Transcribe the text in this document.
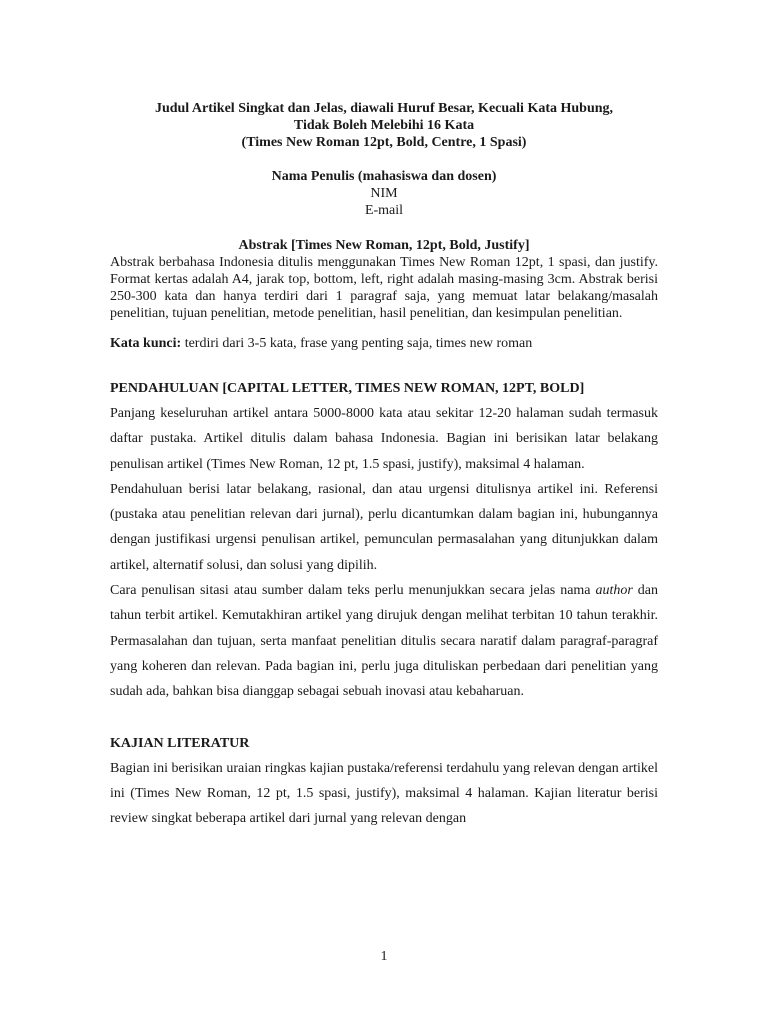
Judul Artikel Singkat dan Jelas, diawali Huruf Besar, Kecuali Kata Hubung,

Tidak Boleh Melebihi 16 Kata

(Times New Roman 12pt, Bold, Centre, 1 Spasi)

Nama Penulis (mahasiswa dan dosen)
NIM
E-mail
Abstrak [Times New Roman, 12pt, Bold, Justify]

Abstrak berbahasa Indonesia ditulis menggunakan Times New Roman 12pt, 1 spasi, dan justify. Format kertas adalah A4, jarak top, bottom, left, right adalah masing-masing 3cm. Abstrak berisi 250-300 kata dan hanya terdiri dari 1 paragraf saja, yang memuat latar belakang/masalah penelitian, tujuan penelitian, metode penelitian, hasil penelitian, dan kesimpulan penelitian.

Kata kunci: terdiri dari 3-5 kata, frase yang penting saja, times new roman
PENDAHULUAN [CAPITAL LETTER, TIMES NEW ROMAN, 12PT, BOLD]

Panjang keseluruhan artikel antara 5000-8000 kata atau sekitar 12-20 halaman sudah termasuk daftar pustaka. Artikel ditulis dalam bahasa Indonesia. Bagian ini berisikan latar belakang penulisan artikel (Times New Roman, 12 pt, 1.5 spasi, justify), maksimal 4 halaman.

Pendahuluan berisi latar belakang, rasional, dan atau urgensi ditulisnya artikel ini. Referensi (pustaka atau penelitian relevan dari jurnal), perlu dicantumkan dalam bagian ini, hubungannya dengan justifikasi urgensi penulisan artikel, pemunculan permasalahan yang ditunjukkan dalam artikel, alternatif solusi, dan solusi yang dipilih.

Cara penulisan sitasi atau sumber dalam teks perlu menunjukkan secara jelas nama author dan tahun terbit artikel. Kemutakhiran artikel yang dirujuk dengan melihat terbitan 10 tahun terakhir. Permasalahan dan tujuan, serta manfaat penelitian ditulis secara naratif dalam paragraf-paragraf yang koheren dan relevan. Pada bagian ini, perlu juga dituliskan perbedaan dari penelitian yang sudah ada, bahkan bisa dianggap sebagai sebuah inovasi atau kebaharuan.

KAJIAN LITERATUR

Bagian ini berisikan uraian ringkas kajian pustaka/referensi terdahulu yang relevan dengan artikel ini (Times New Roman, 12 pt, 1.5 spasi, justify), maksimal 4 halaman. Kajian literatur berisi review singkat beberapa artikel dari jurnal yang relevan dengan

1
